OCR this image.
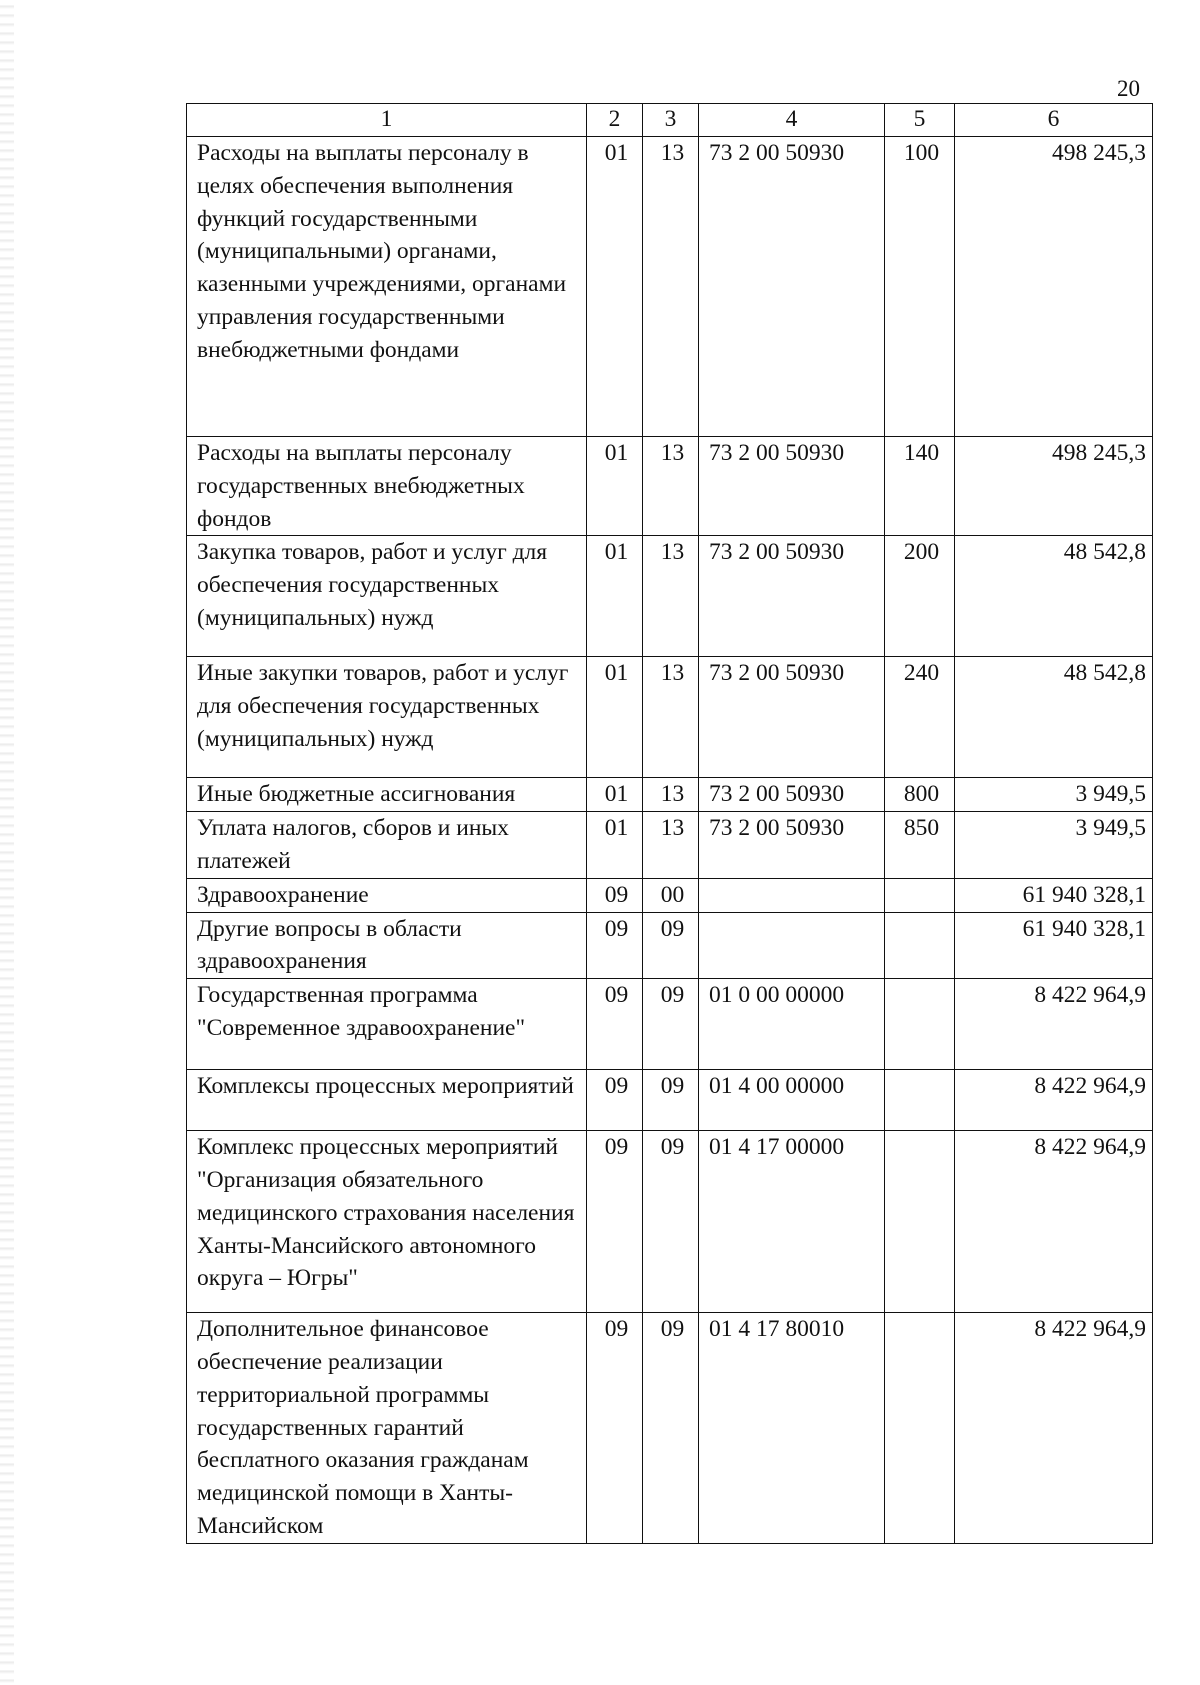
20
1	2	3	4	5	6
Расходы на выплаты персоналу в целях обеспечения выполнения функций государственными (муниципальными) органами, казенными учреждениями, органами управления государственными внебюджетными фондами	01	13	73 2 00 50930	100	498 245,3
Расходы на выплаты персоналу государственных внебюджетных фондов	01	13	73 2 00 50930	140	498 245,3
Закупка товаров, работ и услуг для обеспечения государственных (муниципальных) нужд	01	13	73 2 00 50930	200	48 542,8
Иные закупки товаров, работ и услуг для обеспечения государственных (муниципальных) нужд	01	13	73 2 00 50930	240	48 542,8
Иные бюджетные ассигнования	01	13	73 2 00 50930	800	3 949,5
Уплата налогов, сборов и иных платежей	01	13	73 2 00 50930	850	3 949,5
Здравоохранение	09	00			61 940 328,1
Другие вопросы в области здравоохранения	09	09			61 940 328,1
Государственная программа "Современное здравоохранение"	09	09	01 0 00 00000		8 422 964,9
Комплексы процессных мероприятий	09	09	01 4 00 00000		8 422 964,9
Комплекс процессных мероприятий "Организация обязательного медицинского страхования населения Ханты-Мансийского автономного округа – Югры"	09	09	01 4 17 00000		8 422 964,9
Дополнительное финансовое обеспечение реализации территориальной программы государственных гарантий бесплатного оказания гражданам медицинской помощи в Ханты-Мансийском	09	09	01 4 17 80010		8 422 964,9
